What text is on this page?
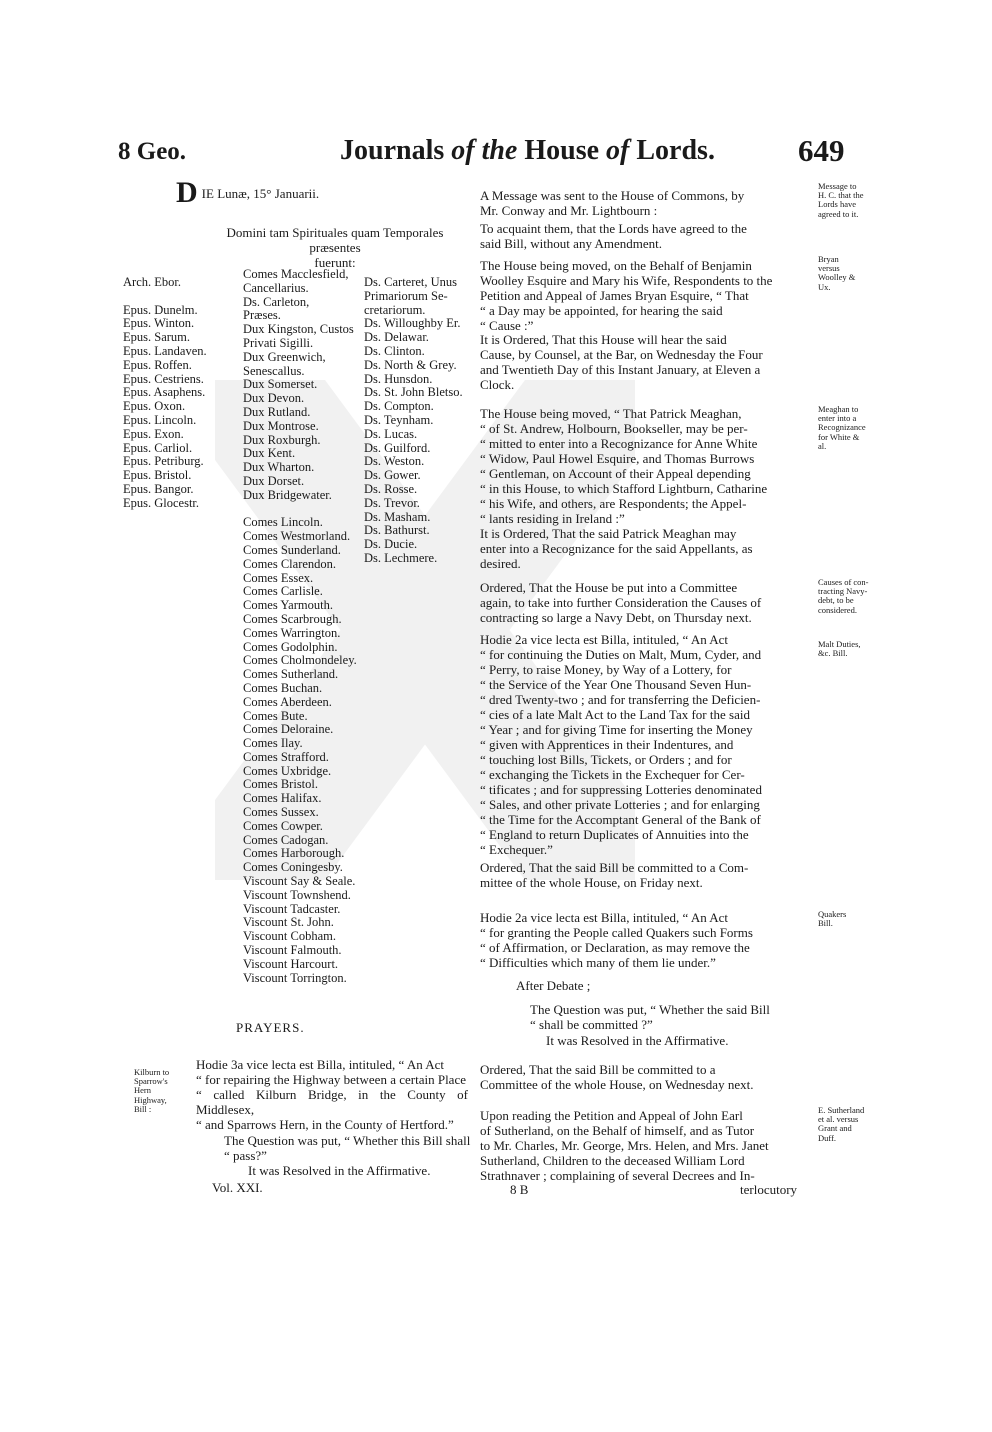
8 Geo.	Journals of the House of Lords.	649
D $^{IE Lunæ, 15^\circ Januarii.}$
Domini tam Spirituales quam Temporales præsentes
fuerunt:
Arch. Ebor.

Epus. Dunelm.
Epus. Winton.
Epus. Sarum.
Epus. Landaven.
Epus. Roffen.
Epus. Cestriens.
Epus. Asaphens.
Epus. Oxon.
Epus. Lincoln.
Epus. Exon.
Epus. Carliol.
Epus. Petriburg.
Epus. Bristol.
Epus. Bangor.
Epus. Glocestr.
Comes Macclesfield,
Cancellarius.
Ds. Carleton,
Præses.
Dux Kingston, Custos
Privati Sigilli.
Dux Greenwich,
Senescallus.
Dux Somerset.
Dux Devon.
Dux Rutland.
Dux Montrose.
Dux Roxburgh.
Dux Kent.
Dux Wharton.
Dux Dorset.
Dux Bridgewater.

Comes Lincoln.
Comes Westmorland.
Comes Sunderland.
Comes Clarendon.
Comes Essex.
Comes Carlisle.
Comes Yarmouth.
Comes Scarbrough.
Comes Warrington.
Comes Godolphin.
Comes Cholmondeley.
Comes Sutherland.
Comes Buchan.
Comes Aberdeen.
Comes Bute.
Comes Deloraine.
Comes Ilay.
Comes Strafford.
Comes Uxbridge.
Comes Bristol.
Comes Halifax.
Comes Sussex.
Comes Cowper.
Comes Cadogan.
Comes Harborough.
Comes Coningesby.
Viscount Say & Seale.
Viscount Townshend.
Viscount Tadcaster.
Viscount St. John.
Viscount Cobham.
Viscount Falmouth.
Viscount Harcourt.
Viscount Torrington.
Ds. Carteret, Unus
Primariorum Se-
cretariorum.
Ds. Willoughby Er.
Ds. Delawar.
Ds. Clinton.
Ds. North & Grey.
Ds. Hunsdon.
Ds. St. John Bletso.
Ds. Compton.
Ds. Teynham.
Ds. Lucas.
Ds. Guilford.
Ds. Weston.
Ds. Gower.
Ds. Rosse.
Ds. Trevor.
Ds. Masham.
Ds. Bathurst.
Ds. Ducie.
Ds. Lechmere.
PRAYERS.
Kilburn to
Sparrow's
Hern
Highway,
Bill :
Hodie 3a vice lecta est Billa, intituled, “ An Act
“ for repairing the Highway between a certain Place
“ called Kilburn Bridge, in the County of Middlesex,
“ and Sparrows Hern, in the County of Hertford.”
The Question was put, “ Whether this Bill shall
“ pass?”
It was Resolved in the Affirmative.
Vol. XXI.
A Message was sent to the House of Commons, by
Mr. Conway and Mr. Lightbourn :
Message to
H. C. that the
Lords have
agreed to it.
To acquaint them, that the Lords have agreed to the
said Bill, without any Amendment.
The House being moved, on the Behalf of Benjamin
Woolley Esquire and Mary his Wife, Respondents to the
Petition and Appeal of James Bryan Esquire, “ That
“ a Day may be appointed, for hearing the said
“ Cause :”
Bryan
versus
Woolley &
Ux.
It is Ordered, That this House will hear the said
Cause, by Counsel, at the Bar, on Wednesday the Four
and Twentieth Day of this Instant January, at Eleven a
Clock.
The House being moved, “ That Patrick Meaghan,
“ of St. Andrew, Holbourn, Bookseller, may be per-
“ mitted to enter into a Recognizance for Anne White
“ Widow, Paul Howel Esquire, and Thomas Burrows
“ Gentleman, on Account of their Appeal depending
“ in this House, to which Stafford Lightburn, Catharine
“ his Wife, and others, are Respondents; the Appel-
“ lants residing in Ireland :”
Meaghan to
enter into a
Recognizance
for White &
al.
It is Ordered, That the said Patrick Meaghan may
enter into a Recognizance for the said Appellants, as
desired.
Ordered, That the House be put into a Committee
again, to take into further Consideration the Causes of
contracting so large a Navy Debt, on Thursday next.
Causes of con-
tracting Navy-
debt, to be
considered.
Hodie 2a vice lecta est Billa, intituled, “ An Act
“ for continuing the Duties on Malt, Mum, Cyder, and
“ Perry, to raise Money, by Way of a Lottery, for
“ the Service of the Year One Thousand Seven Hun-
“ dred Twenty-two ; and for transferring the Deficien-
“ cies of a late Malt Act to the Land Tax for the said
“ Year ; and for giving Time for inserting the Money
“ given with Apprentices in their Indentures, and
“ touching lost Bills, Tickets, or Orders ; and for
“ exchanging the Tickets in the Exchequer for Cer-
“ tificates ; and for suppressing Lotteries denominated
“ Sales, and other private Lotteries ; and for enlarging
“ the Time for the Accomptant General of the Bank of
“ England to return Duplicates of Annuities into the
“ Exchequer.”
Malt Duties,
&c. Bill.
Ordered, That the said Bill be committed to a Com-
mittee of the whole House, on Friday next.
Hodie 2a vice lecta est Billa, intituled, “ An Act
“ for granting the People called Quakers such Forms
“ of Affirmation, or Declaration, as may remove the
“ Difficulties which many of them lie under.”
Quakers
Bill.
After Debate ;
The Question was put, “ Whether the said Bill
“ shall be committed ?”
It was Resolved in the Affirmative.
Ordered, That the said Bill be committed to a
Committee of the whole House, on Wednesday next.
Upon reading the Petition and Appeal of John Earl
of Sutherland, on the Behalf of himself, and as Tutor
to Mr. Charles, Mr. George, Mrs. Helen, and Mrs. Janet
Sutherland, Children to the deceased William Lord
Strathnaver ; complaining of several Decrees and In-
E. Sutherland
et al. versus
Grant and
Duff.
8 B	terlocutory
